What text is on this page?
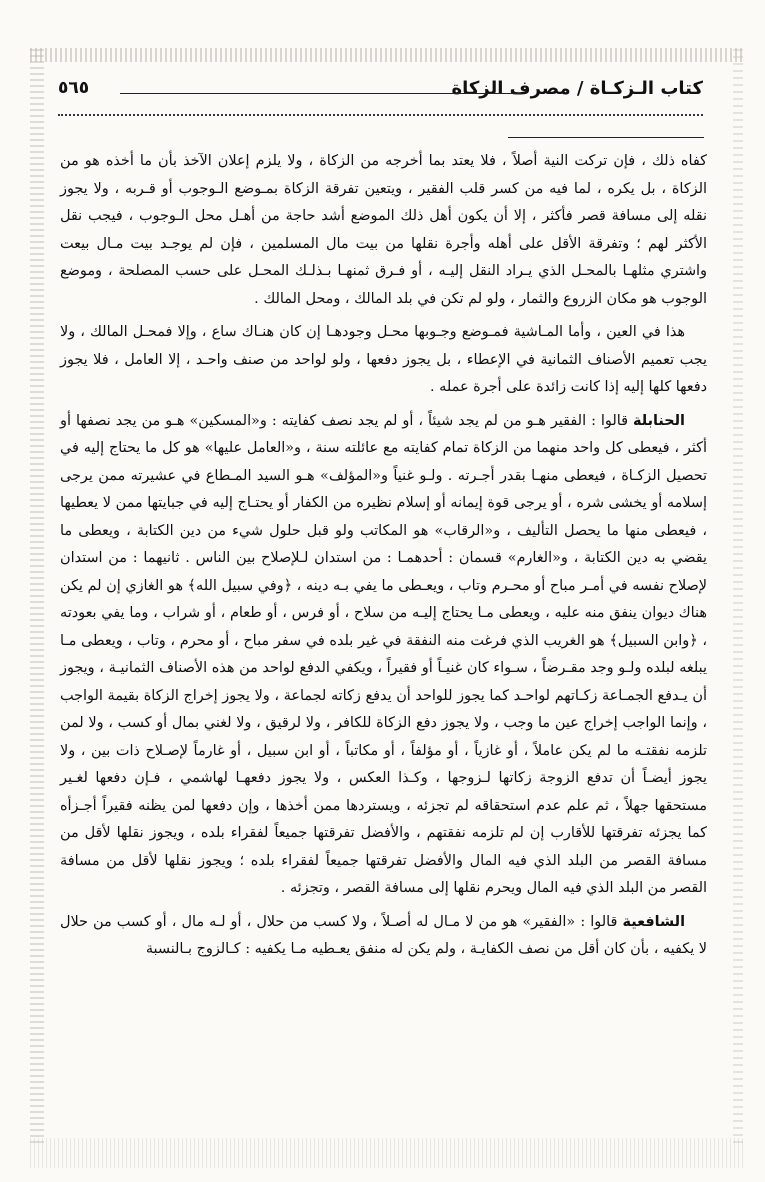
كتاب الـزكـاة / مصرف الزكاة
٥٦٥

كفاه ذلك ، فإن تركت النية أصلاً ، فلا يعتد بما أخرجه من الزكاة ، ولا يلزم إعلان الآخذ بأن ما أخذه هو من الزكاة ، بل يكره ، لما فيه من كسر قلب الفقير ، ويتعين تفرقة الزكاة بمـوضع الـوجوب أو قـربه ، ولا يجوز نقله إلى مسافة قصر فأكثر ، إلا أن يكون أهل ذلك الموضع أشد حاجة من أهـل محل الـوجوب ، فيجب نقل الأكثر لهم ؛ وتفرقة الأقل على أهله وأجرة نقلها من بيت مال المسلمين ، فإن لم يوجـد بيت مـال بيعت واشتري مثلهـا بالمحـل الذي يـراد النقل إليـه ، أو فـرق ثمنهـا بـذلـك المحـل على حسب المصلحة ، وموضع الوجوب هو مكان الزروع والثمار ، ولو لم تكن في بلد المالك ، ومحل المالك .

هذا في العين ، وأما المـاشية فمـوضع وجـوبها محـل وجودهـا إن كان هنـاك ساع ، وإلا فمحـل المالك ، ولا يجب تعميم الأصناف الثمانية في الإعطاء ، بل يجوز دفعها ، ولو لواحد من صنف واحـد ، إلا العامل ، فلا يجوز دفعها كلها إليه إذا كانت زائدة على أجرة عمله .

الحنابلة قالوا : الفقير هـو من لم يجد شيئاً ، أو لم يجد نصف كفايته : و«المسكين» هـو من يجد نصفها أو أكثر ، فيعطى كل واحد منهما من الزكاة تمام كفايته مع عائلته سنة ، و«العامل عليها» هو كل ما يحتاج إليه في تحصيل الزكـاة ، فيعطى منهـا بقدر أجـرته . ولـو غنياً و«المؤلف» هـو السيد المـطاع في عشيرته ممن يرجى إسلامه أو يخشى شره ، أو يرجى قوة إيمانه أو إسلام نظيره من الكفار أو يحتـاج إليه في جبايتها ممن لا يعطيها ، فيعطى منها ما يحصل التأليف ، و«الرقاب» هو المكاتب ولو قبل حلول شيء من دين الكتابة ، ويعطى ما يقضي به دين الكتابة ، و«الغارم» قسمان : أحدهمـا : من استدان لـلإصلاح بين الناس . ثانيهما : من استدان لإصلاح نفسه في أمـر مباح أو محـرم وتاب ، ويعـطى ما يفي بـه دينه ، ﴿وفي سبيل الله﴾ هو الغازي إن لم يكن هناك ديوان ينفق منه عليه ، ويعطى مـا يحتاج إليـه من سلاح ، أو فرس ، أو طعام ، أو شراب ، وما يفي بعودته ، ﴿وابن السبيل﴾ هو الغريب الذي فرغت منه النفقة في غير بلده في سفر مباح ، أو محرم ، وتاب ، ويعطى مـا يبلغه لبلده ولـو وجد مقـرضاً ، سـواء كان غنيـاً أو فقيراً ، ويكفي الدفع لواحد من هذه الأصناف الثمانيـة ، ويجوز أن يـدفع الجمـاعة زكـاتهم لواحـد كما يجوز للواحد أن يدفع زكاته لجماعة ، ولا يجوز إخراج الزكاة بقيمة الواجب ، وإنما الواجب إخراج عين ما وجب ، ولا يجوز دفع الزكاة للكافر ، ولا لرقيق ، ولا لغني بمال أو كسب ، ولا لمن تلزمه نفقتـه ما لم يكن عاملاً ، أو غازياً ، أو مؤلفاً ، أو مكاتباً ، أو ابن سبيل ، أو غارماً لإصـلاح ذات بين ، ولا يجوز أيضـاً أن تدفع الزوجة زكاتها لـزوجها ، وكـذا العكس ، ولا يجوز دفعهـا لهاشمي ، فـإن دفعها لغـير مستحقها جهلاً ، ثم علم عدم استحقاقه لم تجزئه ، ويستردها ممن أخذها ، وإن دفعها لمن يظنه فقيراً أجـزأه كما يجزئه تفرقتها للأقارب إن لم تلزمه نفقتهم ، والأفضل تفرقتها جميعاً لفقراء بلده ، ويجوز نقلها لأقل من مسافة القصر من البلد الذي فيه المال والأفضل تفرقتها جميعاً لفقراء بلده ؛ ويجوز نقلها لأقل من مسافة القصر من البلد الذي فيه المال ويحرم نقلها إلى مسافة القصر ، وتجزئه .

الشافعية قالوا : «الفقير» هو من لا مـال له أصـلاً ، ولا كسب من حلال ، أو لـه مال ، أو كسب من حلال لا يكفيه ، بأن كان أقل من نصف الكفايـة ، ولم يكن له منفق يعـطيه مـا يكفيه : كـالزوج بـالنسبة
